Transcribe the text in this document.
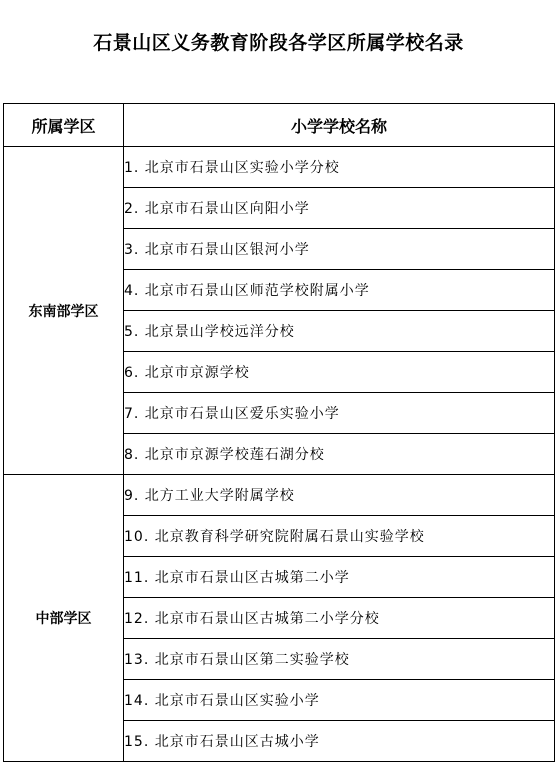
石景山区义务教育阶段各学区所属学校名录
所属学区	小学学校名称
东南部学区	1. 北京市石景山区实验小学分校
	2. 北京市石景山区向阳小学
	3. 北京市石景山区银河小学
	4. 北京市石景山区师范学校附属小学
	5. 北京景山学校远洋分校
	6. 北京市京源学校
	7. 北京市石景山区爱乐实验小学
	8. 北京市京源学校莲石湖分校
中部学区	9. 北方工业大学附属学校
	10. 北京教育科学研究院附属石景山实验学校
	11. 北京市石景山区古城第二小学
	12. 北京市石景山区古城第二小学分校
	13. 北京市石景山区第二实验学校
	14. 北京市石景山区实验小学
	15. 北京市石景山区古城小学
